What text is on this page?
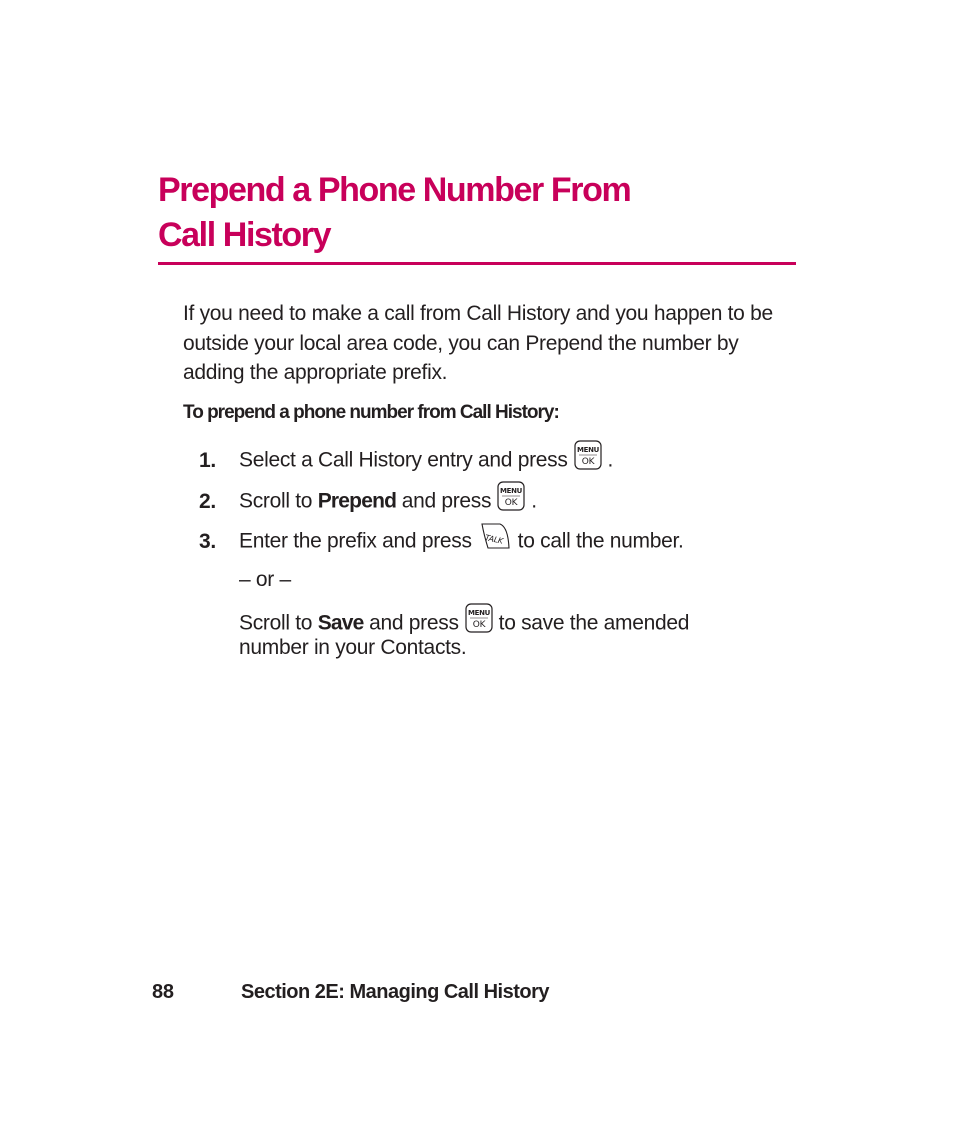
Prepend a Phone Number From
Call History

If you need to make a call from Call History and you happen to be outside your local area code, you can Prepend the number by adding the appropriate prefix.

To prepend a phone number from Call History:

1. Select a Call History entry and press MENU
OK .
2. Scroll to Prepend and press MENU
OK .
3. Enter the prefix and press TALK to call the number.
– or –
Scroll to Save and press MENU
OK to save the amended
number in your Contacts.
88	Section 2E: Managing Call History
